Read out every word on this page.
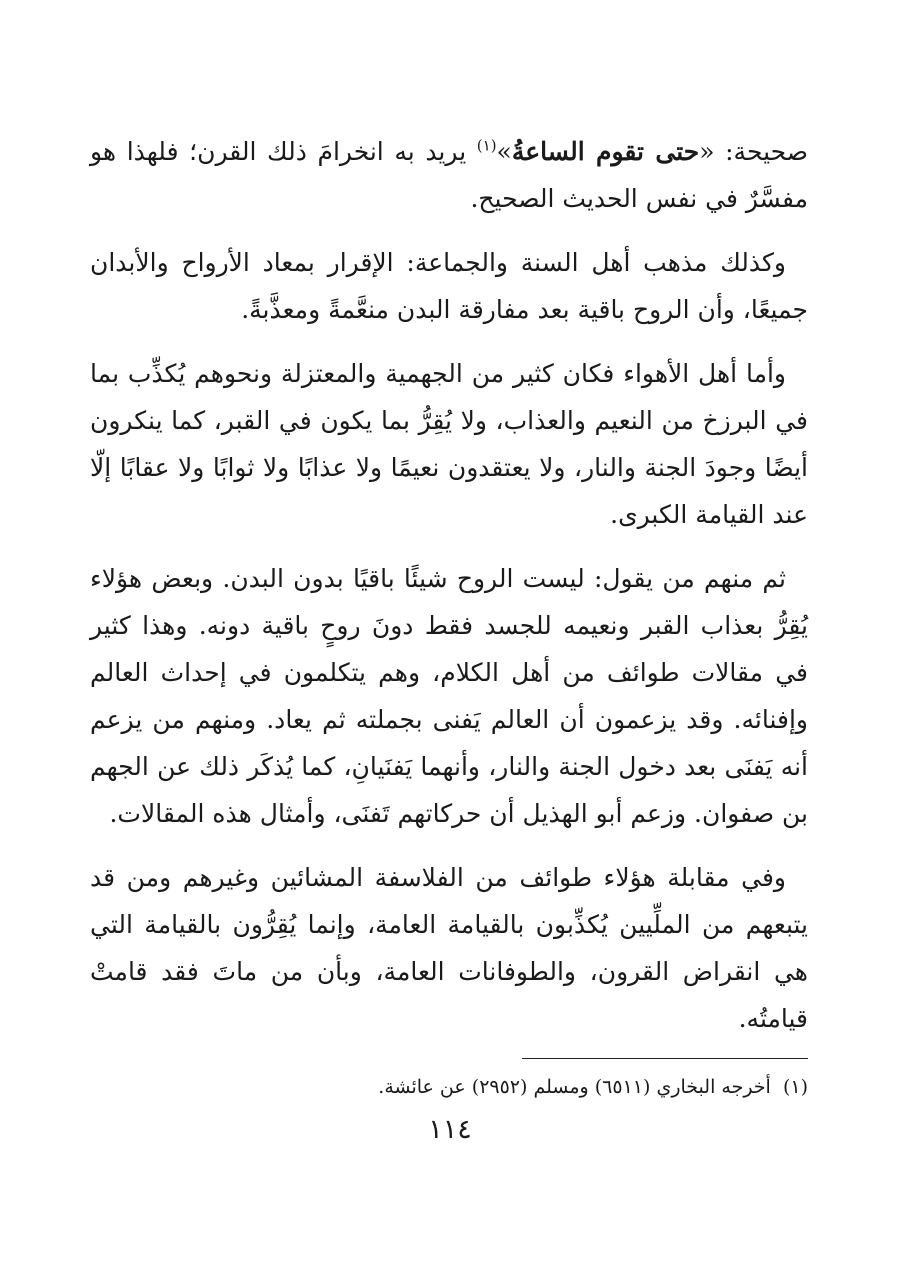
صحيحة: «حتى تقوم الساعةُ»$^{(١)}$ يريد به انخرامَ ذلك القرن؛ فلهذا هو مفسَّرٌ في نفس الحديث الصحيح.

وكذلك مذهب أهل السنة والجماعة: الإقرار بمعاد الأرواح والأبدان جميعًا، وأن الروح باقية بعد مفارقة البدن منعَّمةً ومعذَّبةً.

وأما أهل الأهواء فكان كثير من الجهمية والمعتزلة ونحوهم يُكذِّب بما في البرزخ من النعيم والعذاب، ولا يُقِرُّ بما يكون في القبر، كما ينكرون أيضًا وجودَ الجنة والنار، ولا يعتقدون نعيمًا ولا عذابًا ولا ثوابًا ولا عقابًا إلّا عند القيامة الكبرى.

ثم منهم من يقول: ليست الروح شيئًا باقيًا بدون البدن. وبعض هؤلاء يُقِرُّ بعذاب القبر ونعيمه للجسد فقط دونَ روحٍ باقية دونه. وهذا كثير في مقالات طوائف من أهل الكلام، وهم يتكلمون في إحداث العالم وإفنائه. وقد يزعمون أن العالم يَفنى بجملته ثم يعاد. ومنهم من يزعم أنه يَفنَى بعد دخول الجنة والنار، وأنهما يَفنَيانِ، كما يُذكَر ذلك عن الجهم بن صفوان. وزعم أبو الهذيل أن حركاتهم تَفنَى، وأمثال هذه المقالات.

وفي مقابلة هؤلاء طوائف من الفلاسفة المشائين وغيرهم ومن قد يتبعهم من الملِّيين يُكذِّبون بالقيامة العامة، وإنما يُقِرُّون بالقيامة التي هي انقراض القرون، والطوفانات العامة، وبأن من ماتَ فقد قامتْ قيامتُه.

(١)  أخرجه البخاري (٦٥١١) ومسلم (٢٩٥٢) عن عائشة.
١١٤
